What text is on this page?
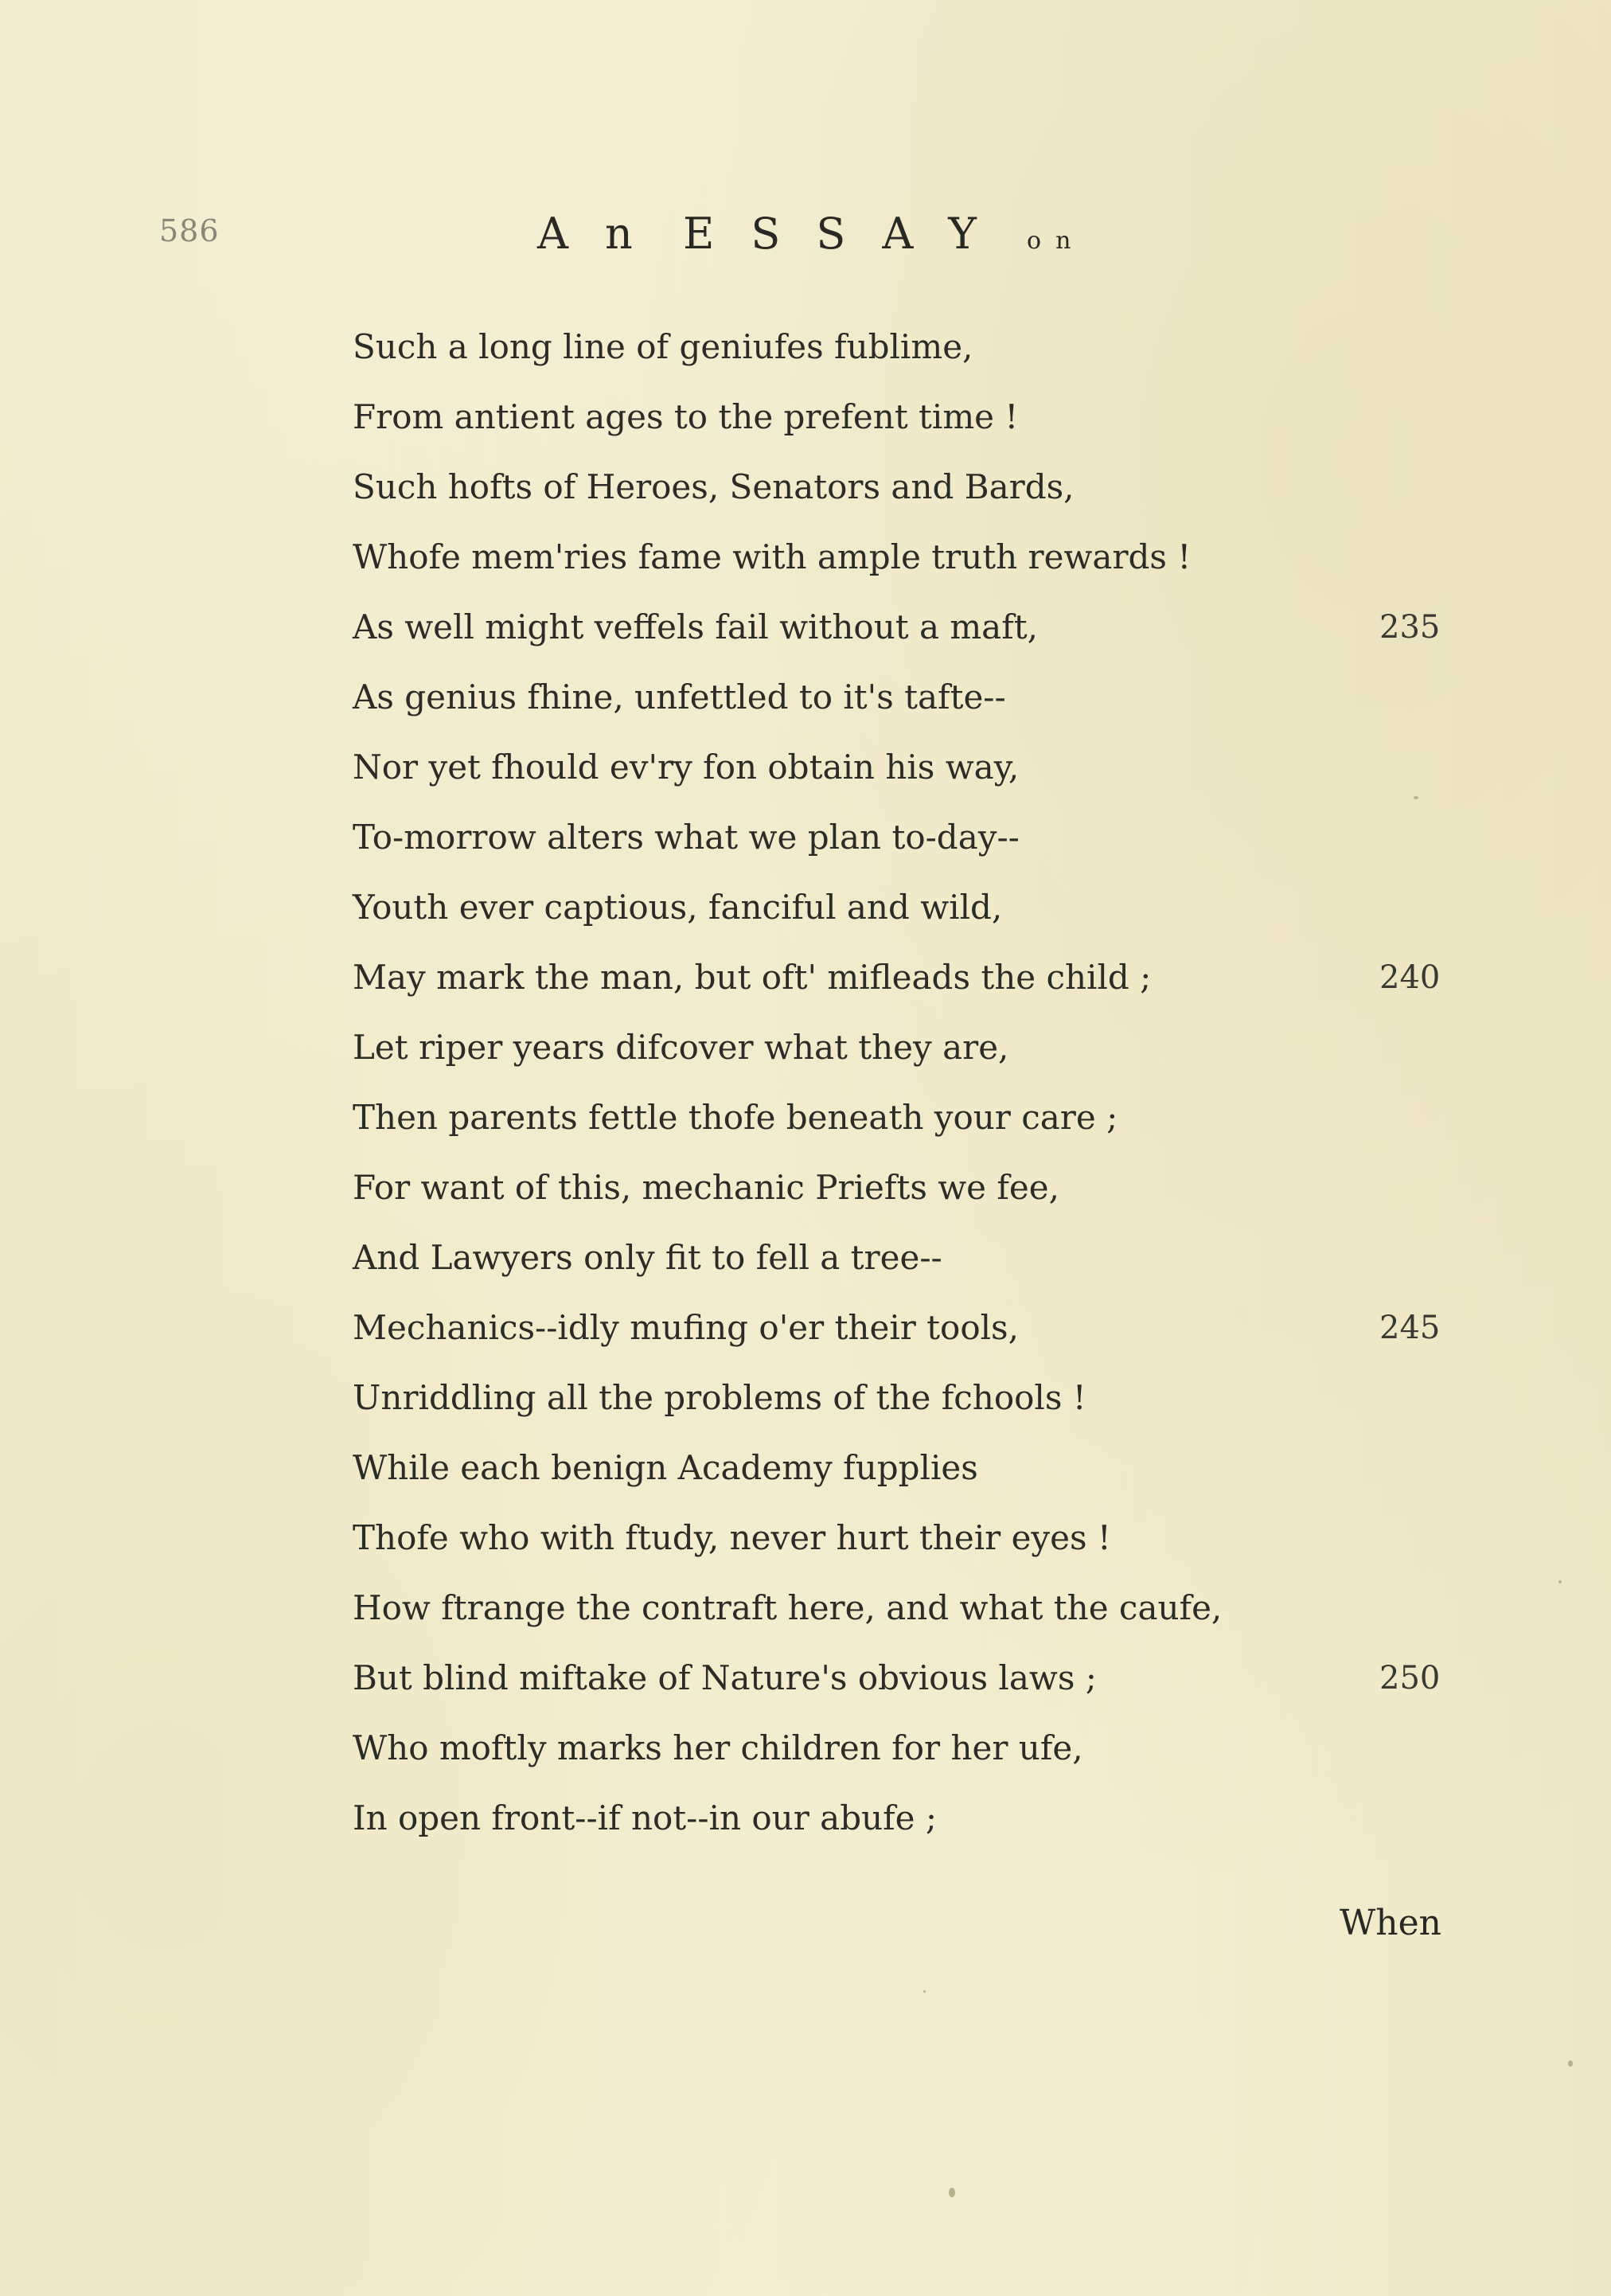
586	An ESSAY on
Such a long line of geniufes fublime,
From antient ages to the prefent time !
Such hofts of Heroes, Senators and Bards,
Whofe mem'ries fame with ample truth rewards !
As well might veffels fail without a maft,	235
As genius fhine, unfettled to it's tafte--
Nor yet fhould ev'ry fon obtain his way,
To-morrow alters what we plan to-day--
Youth ever captious, fanciful and wild,
May mark the man, but oft' mifleads the child ;	240
Let riper years difcover what they are,
Then parents fettle thofe beneath your care ;
For want of this, mechanic Priefts we fee,
And Lawyers only fit to fell a tree--
Mechanics--idly mufing o'er their tools,	245
Unriddling all the problems of the fchools !
While each benign Academy fupplies
Thofe who with ftudy, never hurt their eyes !
How ftrange the contraft here, and what the caufe,
But blind miftake of Nature's obvious laws ;	250
Who moftly marks her children for her ufe,
In open front--if not--in our abufe ;
When
